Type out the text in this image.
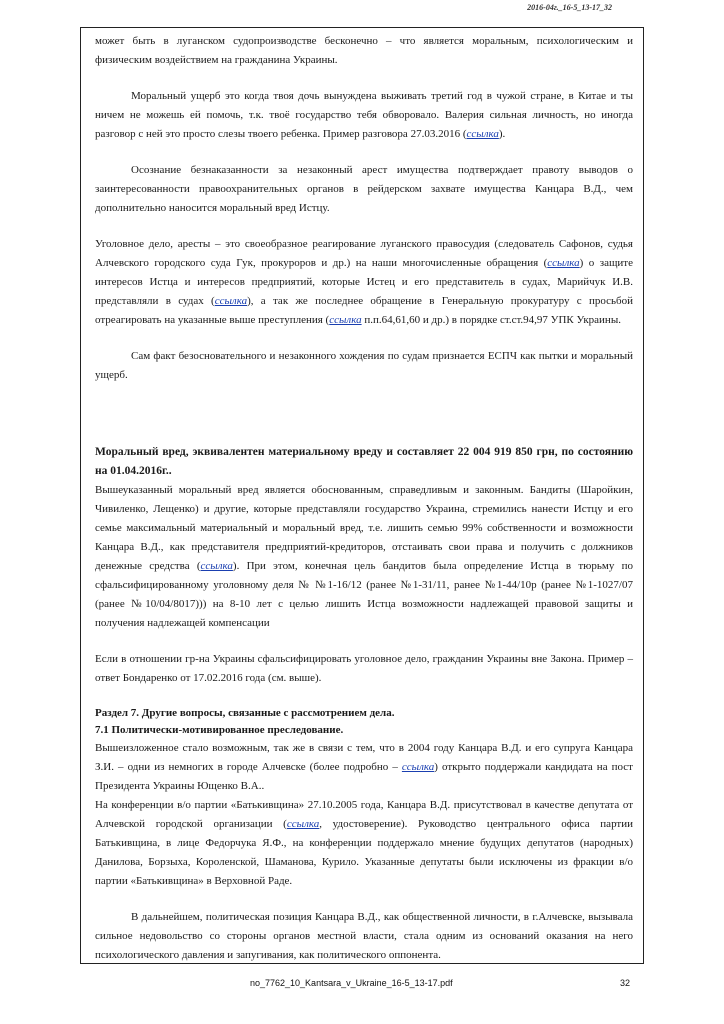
2016-04г._16-5_13-17_32

может быть в луганском судопроизводстве бесконечно – что является моральным, психологическим и физическим воздействием на гражданина Украины.

Моральный ущерб это когда твоя дочь вынуждена выживать третий год в чужой стране, в Китае и ты ничем не можешь ей помочь, т.к. твоё государство тебя обворовало. Валерия сильная личность, но иногда разговор с ней это просто слезы твоего ребенка. Пример разговора 27.03.2016 (ссылка).

Осознание безнаказанности за незаконный арест имущества подтверждает правоту выводов о заинтересованности правоохранительных органов в рейдерском захвате имущества Канцара В.Д., чем дополнительно наносится моральный вред Истцу.

Уголовное дело, аресты – это своеобразное реагирование луганского правосудия (следователь Сафонов, судья Алчевского городского суда Гук, прокуроров и др.) на наши многочисленные обращения (ссылка) о защите интересов Истца и интересов предприятий, которые Истец и его представитель в судах, Марийчук И.В. представляли в судах (ссылка), а так же последнее обращение в Генеральную прокуратуру с просьбой отреагировать на указанные выше преступления (ссылка п.п.64,61,60 и др.) в порядке ст.ст.94,97 УПК Украины.

Сам факт безосновательного и незаконного хождения по судам признается ЕСПЧ как пытки и моральный ущерб.

Моральный вред, эквивалентен материальному вреду и составляет 22 004 919 850 грн, по состоянию на 01.04.2016г..

Вышеуказанный моральный вред является обоснованным, справедливым и законным. Бандиты (Шаройкин, Чивиленко, Лещенко) и другие, которые представляли государство Украина, стремились нанести Истцу и его семье максимальный материальный и моральный вред, т.е. лишить семью 99% собственности и возможности Канцара В.Д., как представителя предприятий-кредиторов, отстаивать свои права и получить с должников денежные средства (ссылка). При этом, конечная цель бандитов была определение Истца в тюрьму по сфальсифицированному уголовному деля № №1-16/12 (ранее №1-31/11, ранее №1-44/10р (ранее №1-1027/07 (ранее №10/04/8017))) на 8-10 лет с целью лишить Истца возможности надлежащей правовой защиты и получения надлежащей компенсации

Если в отношении гр-на Украины сфальсифицировать уголовное дело, гражданин Украины вне Закона. Пример – ответ Бондаренко от 17.02.2016 года (см. выше).

Раздел 7. Другие вопросы, связанные с рассмотрением дела.

7.1 Политически-мотивированное преследование.

Вышеизложенное стало возможным, так же в связи с тем, что в 2004 году Канцара В.Д. и его супруга Канцара З.И. – одни из немногих в городе Алчевске (более подробно – ссылка) открыто поддержали кандидата на пост Президента Украины Ющенко В.А..

На конференции в/о партии «Батькивщина» 27.10.2005 года, Канцара В.Д. присутствовал в качестве депутата от Алчевской городской организации (ссылка, удостоверение). Руководство центрального офиса партии Батькивщина, в лице Федорчука Я.Ф., на конференции поддержало мнение будущих депутатов (народных) Данилова, Борзыха, Короленской, Шаманова, Курило. Указанные депутаты были исключены из фракции в/о партии «Батькивщина» в Верховной Раде.

В дальнейшем, политическая позиция Канцара В.Д., как общественной личности, в г.Алчевске, вызывала сильное недовольство со стороны органов местной власти, стала одним из оснований оказания на него психологического давления и запугивания, как политического оппонента.

no_7762_10_Kantsara_v_Ukraine_16-5_13-17.pdf	32
